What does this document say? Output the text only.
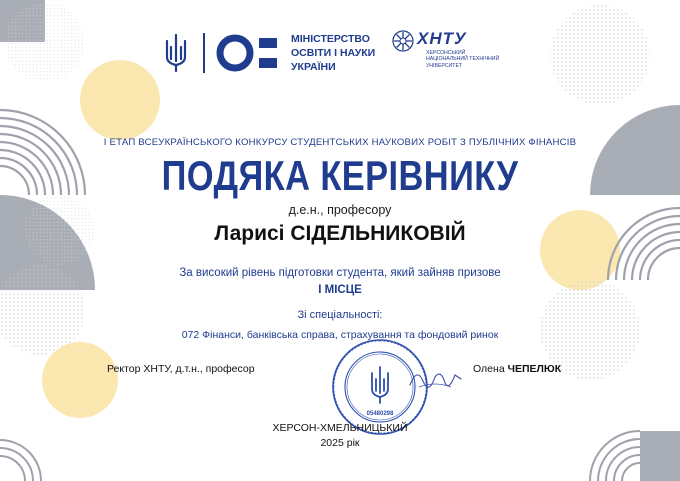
МІНІСТЕРСТВО
ОСВІТИ І НАУКИ
УКРАЇНИ
ХНТУ
ХЕРСОНСЬКИЙ
НАЦІОНАЛЬНИЙ ТЕХНІЧНИЙ
УНІВЕРСИТЕТ
І ЕТАП ВСЕУКРАЇНСЬКОГО КОНКУРСУ СТУДЕНТСЬКИХ НАУКОВИХ РОБІТ З ПУБЛІЧНИХ ФІНАНСІВ
ПОДЯКА КЕРІВНИКУ
д.е.н., професору
Ларисі СІДЕЛЬНИКОВІЙ
За високий рівень підготовки студента, який зайняв призове
І МІСЦЕ
Зі спеціальності:
072 Фінанси, банківська справа, страхування та фондовий ринок
Ректор ХНТУ, д.т.н., професор
05480298
Олена ЧЕПЕЛЮК
ХЕРСОН-ХМЕЛЬНИЦЬКИЙ
2025 рік
